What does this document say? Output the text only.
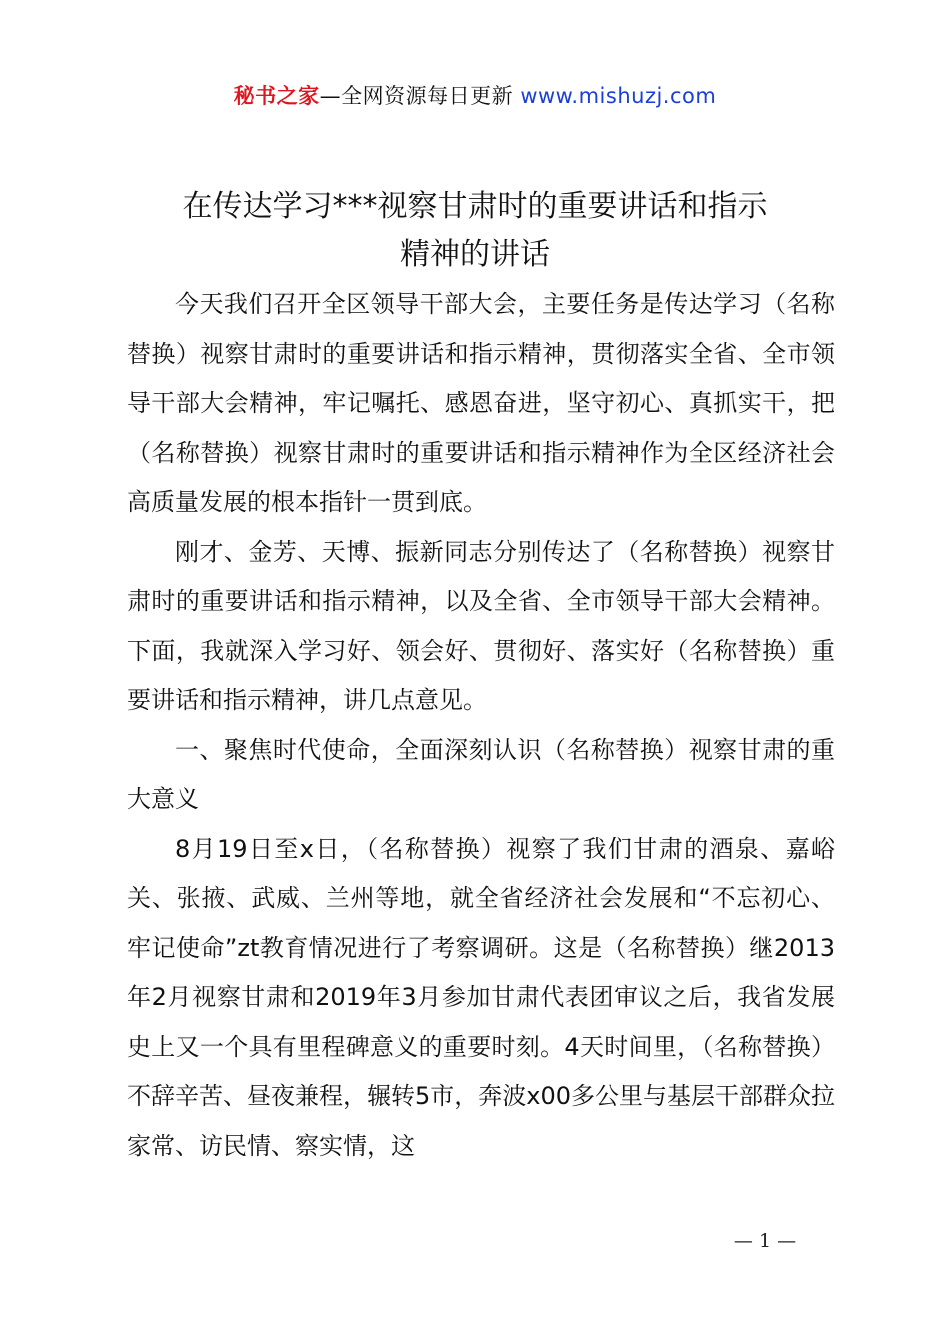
秘书之家—全网资源每日更新 www.mishuzj.com
在传达学习***视察甘肃时的重要讲话和指示
精神的讲话

今天我们召开全区领导干部大会，主要任务是传达学习（名称替换）视察甘肃时的重要讲话和指示精神，贯彻落实全省、全市领导干部大会精神，牢记嘱托、感恩奋进，坚守初心、真抓实干，把（名称替换）视察甘肃时的重要讲话和指示精神作为全区经济社会高质量发展的根本指针一贯到底。

刚才、金芳、天博、振新同志分别传达了（名称替换）视察甘肃时的重要讲话和指示精神，以及全省、全市领导干部大会精神。下面，我就深入学习好、领会好、贯彻好、落实好（名称替换）重要讲话和指示精神，讲几点意见。

一、聚焦时代使命，全面深刻认识（名称替换）视察甘肃的重大意义

8月19日至x日，（名称替换）视察了我们甘肃的酒泉、嘉峪关、张掖、武威、兰州等地，就全省经济社会发展和“不忘初心、牢记使命”zt教育情况进行了考察调研。这是（名称替换）继2013年2月视察甘肃和2019年3月参加甘肃代表团审议之后，我省发展史上又一个具有里程碑意义的重要时刻。4天时间里，（名称替换）不辞辛苦、昼夜兼程，辗转5市，奔波x00多公里与基层干部群众拉家常、访民情、察实情，这

— 1 —
